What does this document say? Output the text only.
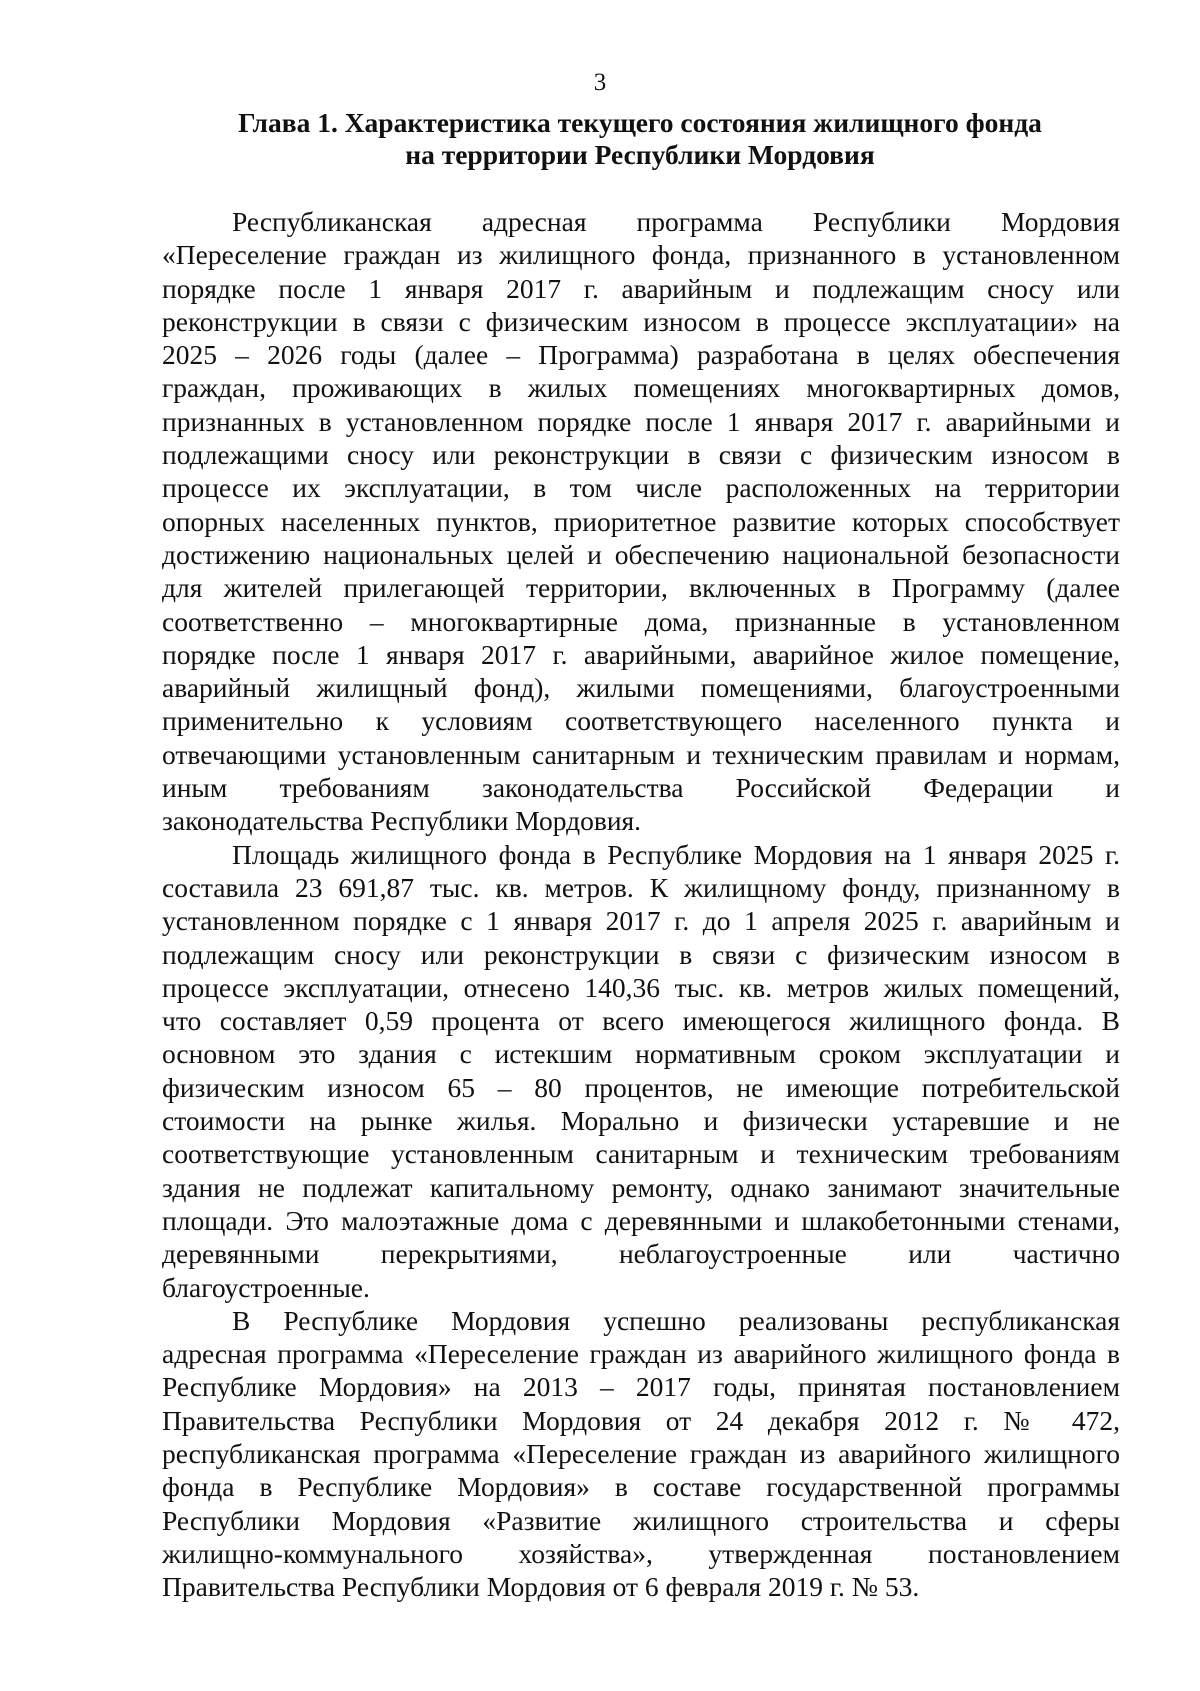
3
Глава 1. Характеристика текущего состояния жилищного фонда
на территории Республики Мордовия
Республиканская адресная программа Республики Мордовия
«Переселение граждан из жилищного фонда, признанного в установленном
порядке после 1 января 2017 г. аварийным и подлежащим сносу или
реконструкции в связи с физическим износом в процессе эксплуатации» на
2025 – 2026 годы (далее – Программа) разработана в целях обеспечения
граждан, проживающих в жилых помещениях многоквартирных домов,
признанных в установленном порядке после 1 января 2017 г. аварийными и
подлежащими сносу или реконструкции в связи с физическим износом в
процессе их эксплуатации, в том числе расположенных на территории
опорных населенных пунктов, приоритетное развитие которых способствует
достижению национальных целей и обеспечению национальной безопасности
для жителей прилегающей территории, включенных в Программу (далее
соответственно – многоквартирные дома, признанные в установленном
порядке после 1 января 2017 г. аварийными, аварийное жилое помещение,
аварийный жилищный фонд), жилыми помещениями, благоустроенными
применительно к условиям соответствующего населенного пункта и
отвечающими установленным санитарным и техническим правилам и нормам,
иным требованиям законодательства Российской Федерации и
законодательства Республики Мордовия.
Площадь жилищного фонда в Республике Мордовия на 1 января 2025 г.
составила 23 691,87 тыс. кв. метров. К жилищному фонду, признанному в
установленном порядке с 1 января 2017 г. до 1 апреля 2025 г. аварийным и
подлежащим сносу или реконструкции в связи с физическим износом в
процессе эксплуатации, отнесено 140,36 тыс. кв. метров жилых помещений,
что составляет 0,59 процента от всего имеющегося жилищного фонда. В
основном это здания с истекшим нормативным сроком эксплуатации и
физическим износом 65 – 80 процентов, не имеющие потребительской
стоимости на рынке жилья. Морально и физически устаревшие и не
соответствующие установленным санитарным и техническим требованиям
здания не подлежат капитальному ремонту, однако занимают значительные
площади. Это малоэтажные дома с деревянными и шлакобетонными стенами,
деревянными перекрытиями, неблагоустроенные или частично
благоустроенные.
В Республике Мордовия успешно реализованы республиканская
адресная программа «Переселение граждан из аварийного жилищного фонда в
Республике Мордовия» на 2013 – 2017 годы, принятая постановлением
Правительства Республики Мордовия от 24 декабря 2012 г. № 472,
республиканская программа «Переселение граждан из аварийного жилищного
фонда в Республике Мордовия» в составе государственной программы
Республики Мордовия «Развитие жилищного строительства и сферы
жилищно-коммунального хозяйства», утвержденная постановлением
Правительства Республики Мордовия от 6 февраля 2019 г. № 53.
